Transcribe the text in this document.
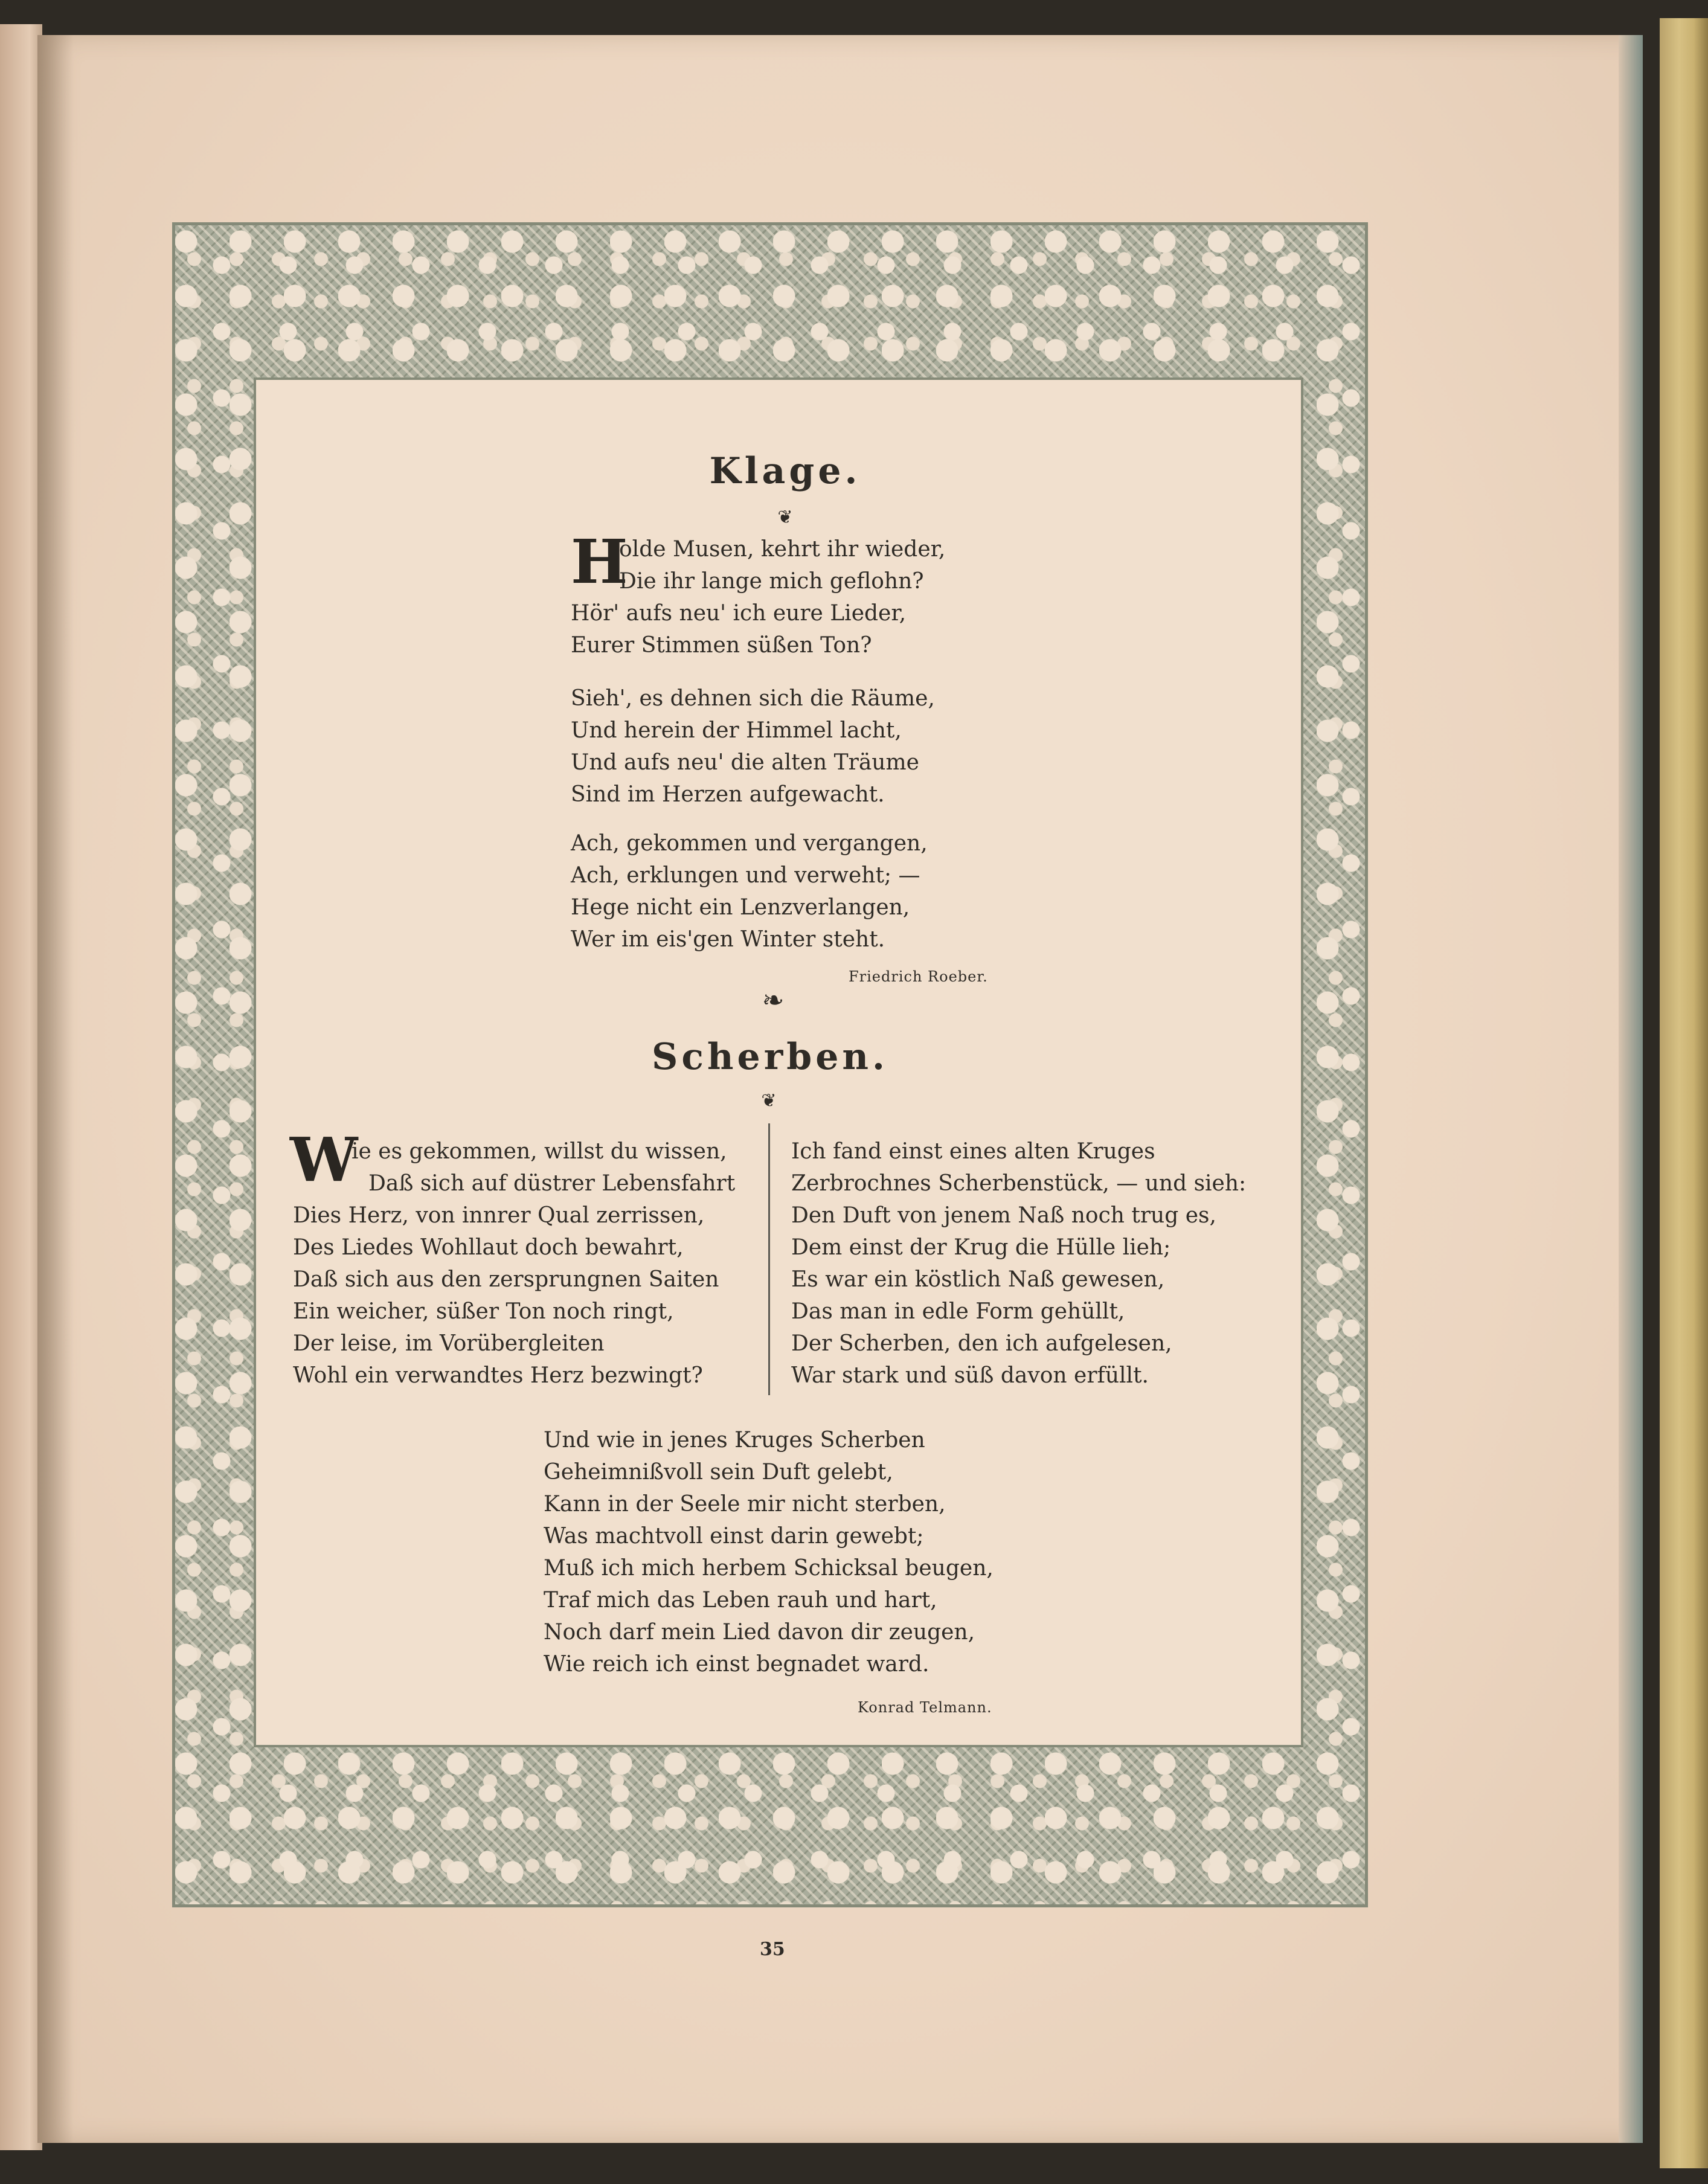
Klage.
❦
H
olde Musen, kehrt ihr wieder,
Die ihr lange mich geflohn?
Hör' aufs neu' ich eure Lieder,
Eurer Stimmen süßen Ton?
Sieh', es dehnen sich die Räume,
Und herein der Himmel lacht,
Und aufs neu' die alten Träume
Sind im Herzen aufgewacht.
Ach, gekommen und vergangen,
Ach, erklungen und verweht; —
Hege nicht ein Lenzverlangen,
Wer im eis'gen Winter steht.
Friedrich Roeber.
❧
Scherben.
❦
W
ie es gekommen, willst du wissen,
Daß sich auf düstrer Lebensfahrt
Dies Herz, von innrer Qual zerrissen,
Des Liedes Wohllaut doch bewahrt,
Daß sich aus den zersprungnen Saiten
Ein weicher, süßer Ton noch ringt,
Der leise, im Vorübergleiten
Wohl ein verwandtes Herz bezwingt?
Ich fand einst eines alten Kruges
Zerbrochnes Scherbenstück, — und sieh:
Den Duft von jenem Naß noch trug es,
Dem einst der Krug die Hülle lieh;
Es war ein köstlich Naß gewesen,
Das man in edle Form gehüllt,
Der Scherben, den ich aufgelesen,
War stark und süß davon erfüllt.
Und wie in jenes Kruges Scherben
Geheimnißvoll sein Duft gelebt,
Kann in der Seele mir nicht sterben,
Was machtvoll einst darin gewebt;
Muß ich mich herbem Schicksal beugen,
Traf mich das Leben rauh und hart,
Noch darf mein Lied davon dir zeugen,
Wie reich ich einst begnadet ward.
Konrad Telmann.
35
